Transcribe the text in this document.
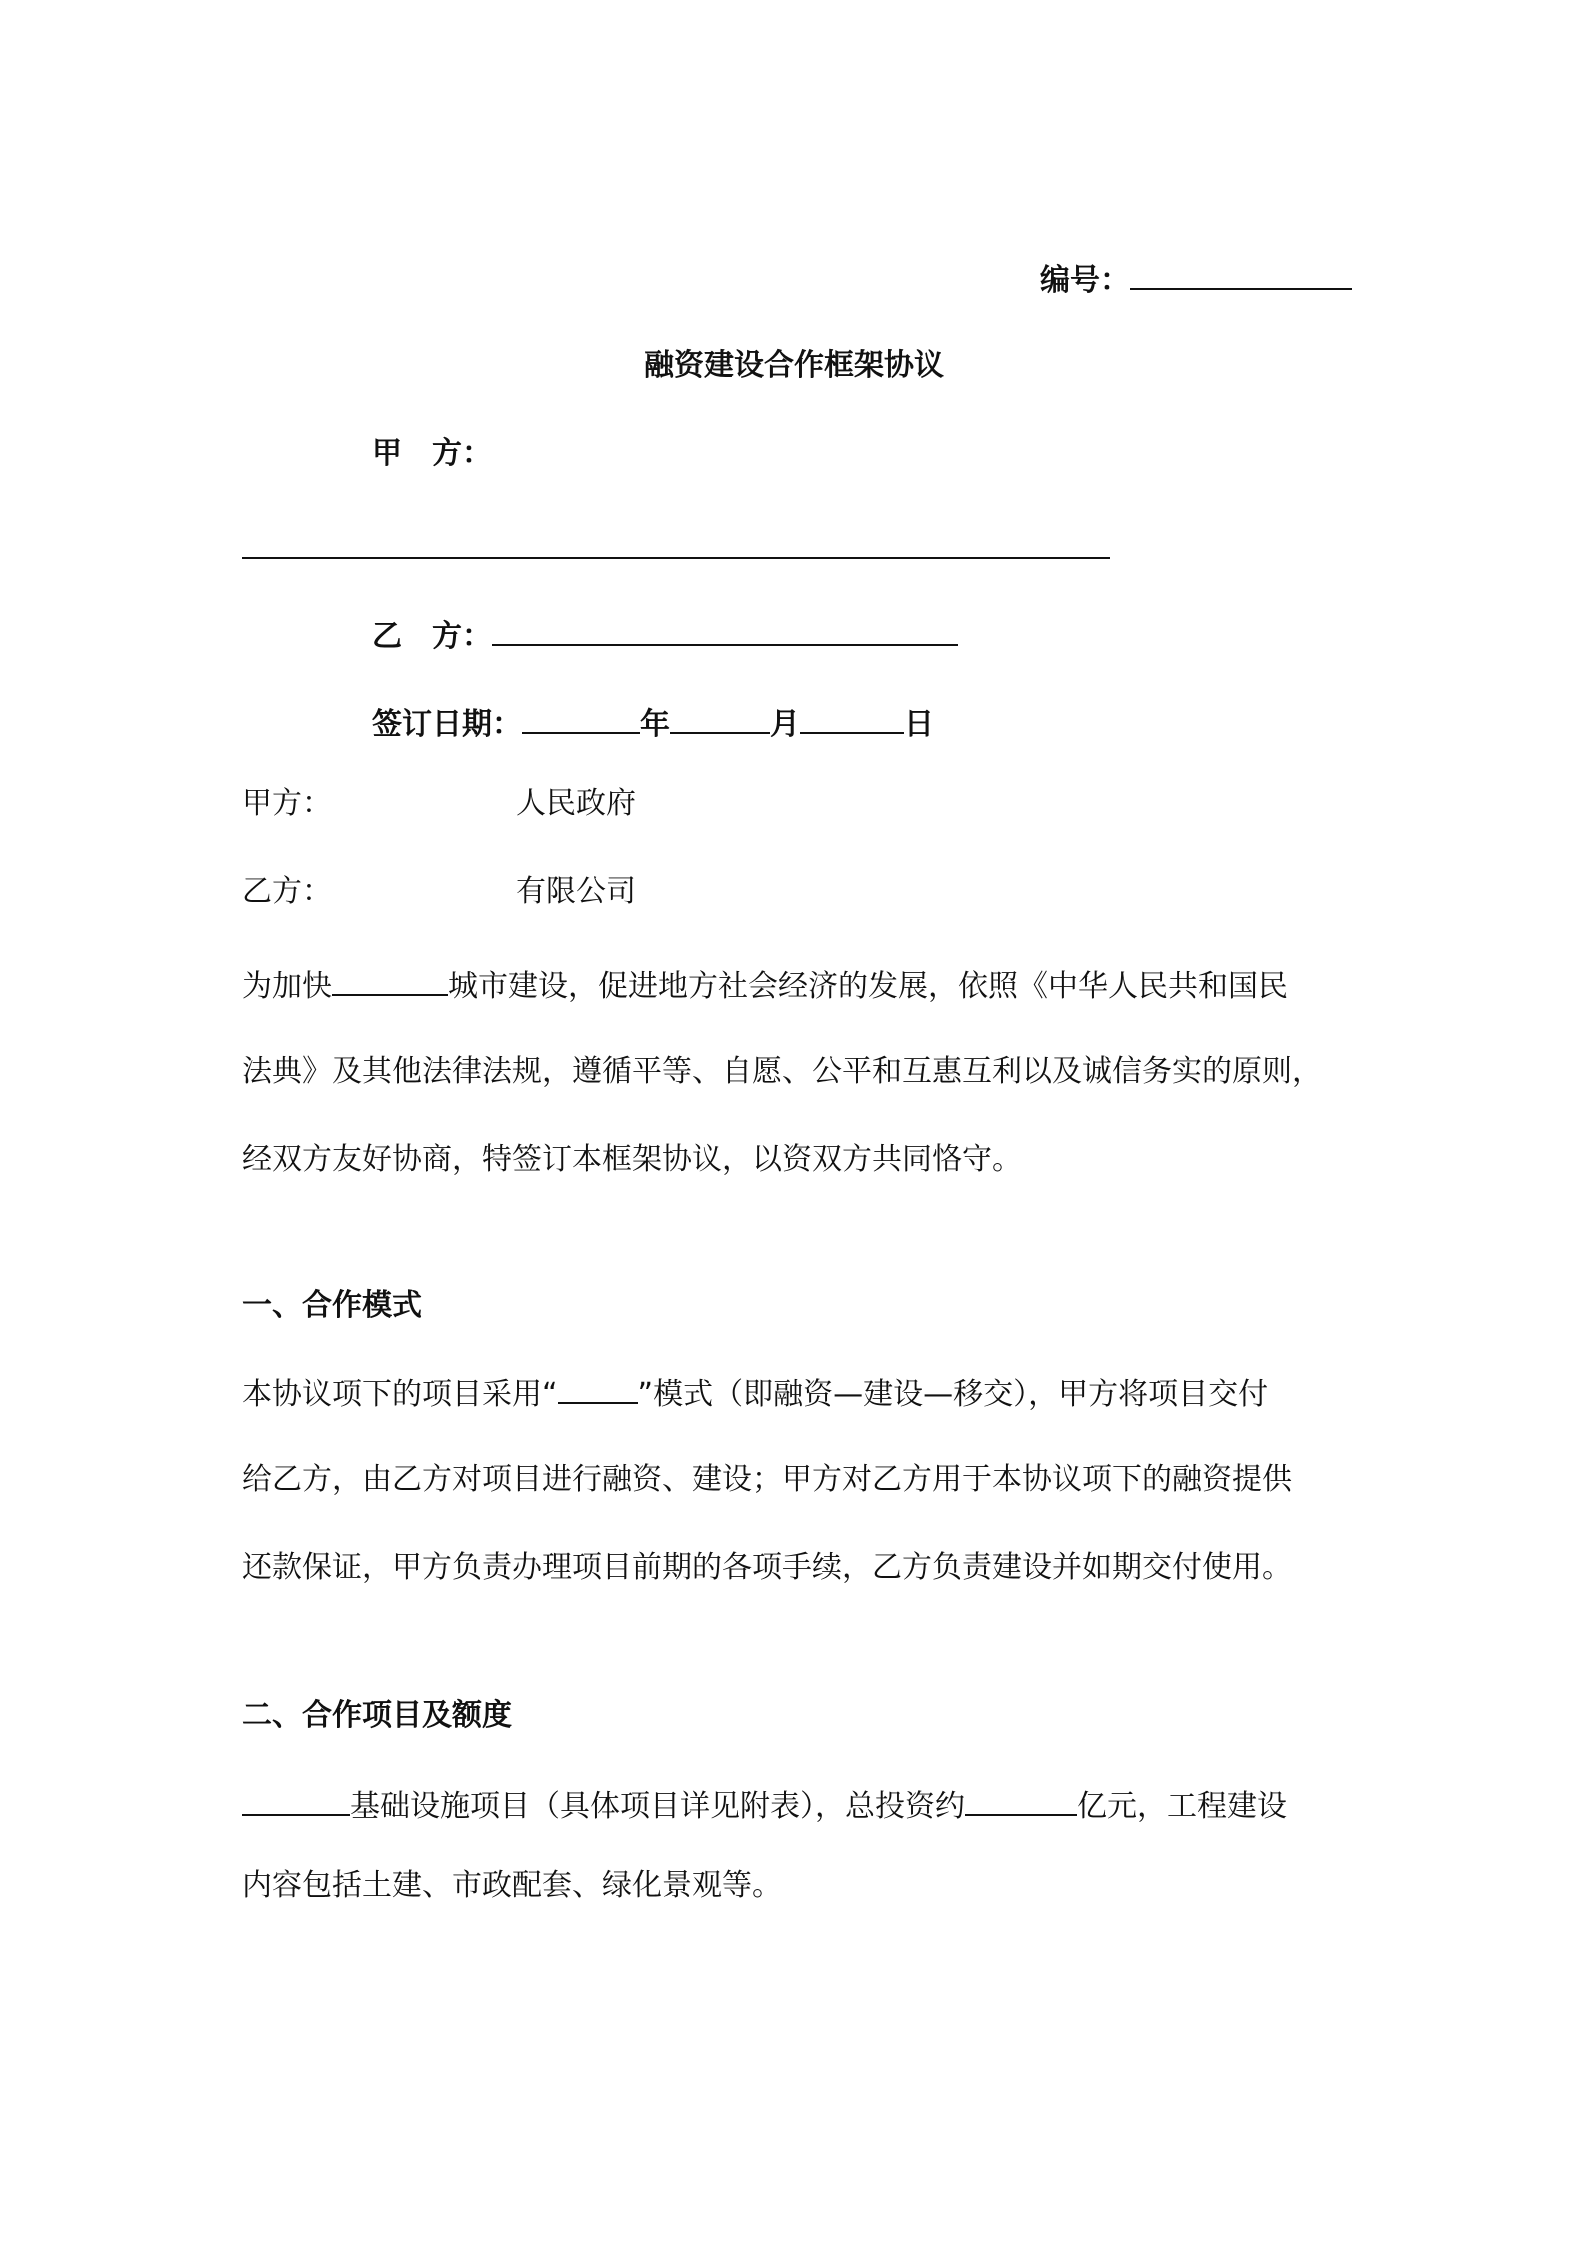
编号：
融资建设合作框架协议
甲　方：
乙　方：
签订日期：	年	月	日
甲方：	人民政府
乙方：	有限公司
为加快	城市建设，促进地方社会经济的发展，依照《中华人民共和国民
法典》及其他法律法规，遵循平等、自愿、公平和互惠互利以及诚信务实的原则，
经双方友好协商，特签订本框架协议，以资双方共同恪守。
一、合作模式
本协议项下的项目采用“	”模式（即融资—建设—移交），甲方将项目交付
给乙方，由乙方对项目进行融资、建设；甲方对乙方用于本协议项下的融资提供
还款保证，甲方负责办理项目前期的各项手续，乙方负责建设并如期交付使用。
二、合作项目及额度
基础设施项目（具体项目详见附表），总投资约	亿元，工程建设
内容包括土建、市政配套、绿化景观等。
